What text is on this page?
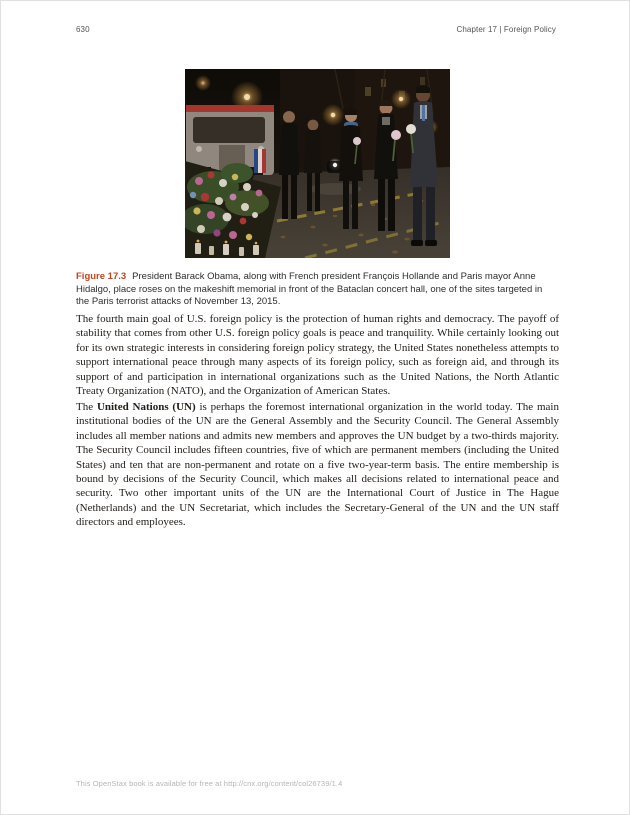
630	Chapter 17 | Foreign Policy

Figure 17.3 President Barack Obama, along with French president François Hollande and Paris mayor Anne Hidalgo, place roses on the makeshift memorial in front of the Bataclan concert hall, one of the sites targeted in the Paris terrorist attacks of November 13, 2015.

The fourth main goal of U.S. foreign policy is the protection of human rights and democracy. The payoff of stability that comes from other U.S. foreign policy goals is peace and tranquility. While certainly looking out for its own strategic interests in considering foreign policy strategy, the United States nonetheless attempts to support international peace through many aspects of its foreign policy, such as foreign aid, and through its support of and participation in international organizations such as the United Nations, the North Atlantic Treaty Organization (NATO), and the Organization of American States.

The United Nations (UN) is perhaps the foremost international organization in the world today. The main institutional bodies of the UN are the General Assembly and the Security Council. The General Assembly includes all member nations and admits new members and approves the UN budget by a two-thirds majority. The Security Council includes fifteen countries, five of which are permanent members (including the United States) and ten that are non-permanent and rotate on a five two-year-term basis. The entire membership is bound by decisions of the Security Council, which makes all decisions related to international peace and security. Two other important units of the UN are the International Court of Justice in The Hague (Netherlands) and the UN Secretariat, which includes the Secretary-General of the UN and the UN staff directors and employees.

This OpenStax book is available for free at http://cnx.org/content/col26739/1.4
